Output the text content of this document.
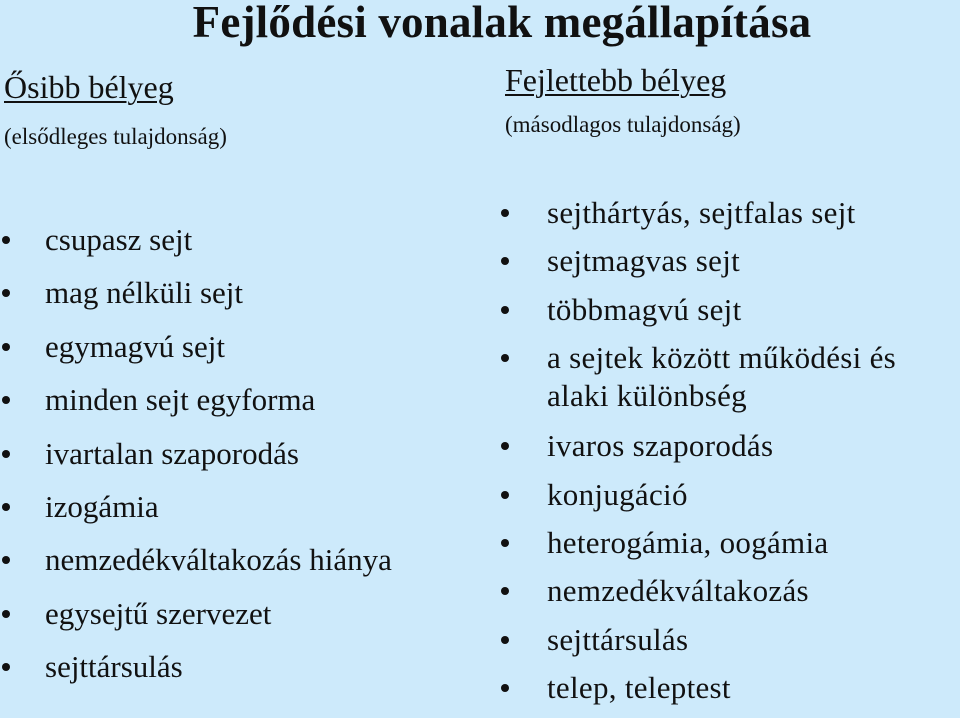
Fejlődési vonalak megállapítása
Ősibb bélyeg
(elsődleges tulajdonság)
Fejlettebb bélyeg
(másodlagos tulajdonság)
csupasz sejt
mag nélküli sejt
egymagvú sejt
minden sejt egyforma
ivartalan szaporodás
izogámia
nemzedékváltakozás hiánya
egysejtű szervezet
sejttársulás
sejthártyás, sejtfalas sejt
sejtmagvas sejt
többmagvú sejt
a sejtek között működési és alaki különbség
ivaros szaporodás
konjugáció
heterogámia, oogámia
nemzedékváltakozás
sejttársulás
telep, teleptest
